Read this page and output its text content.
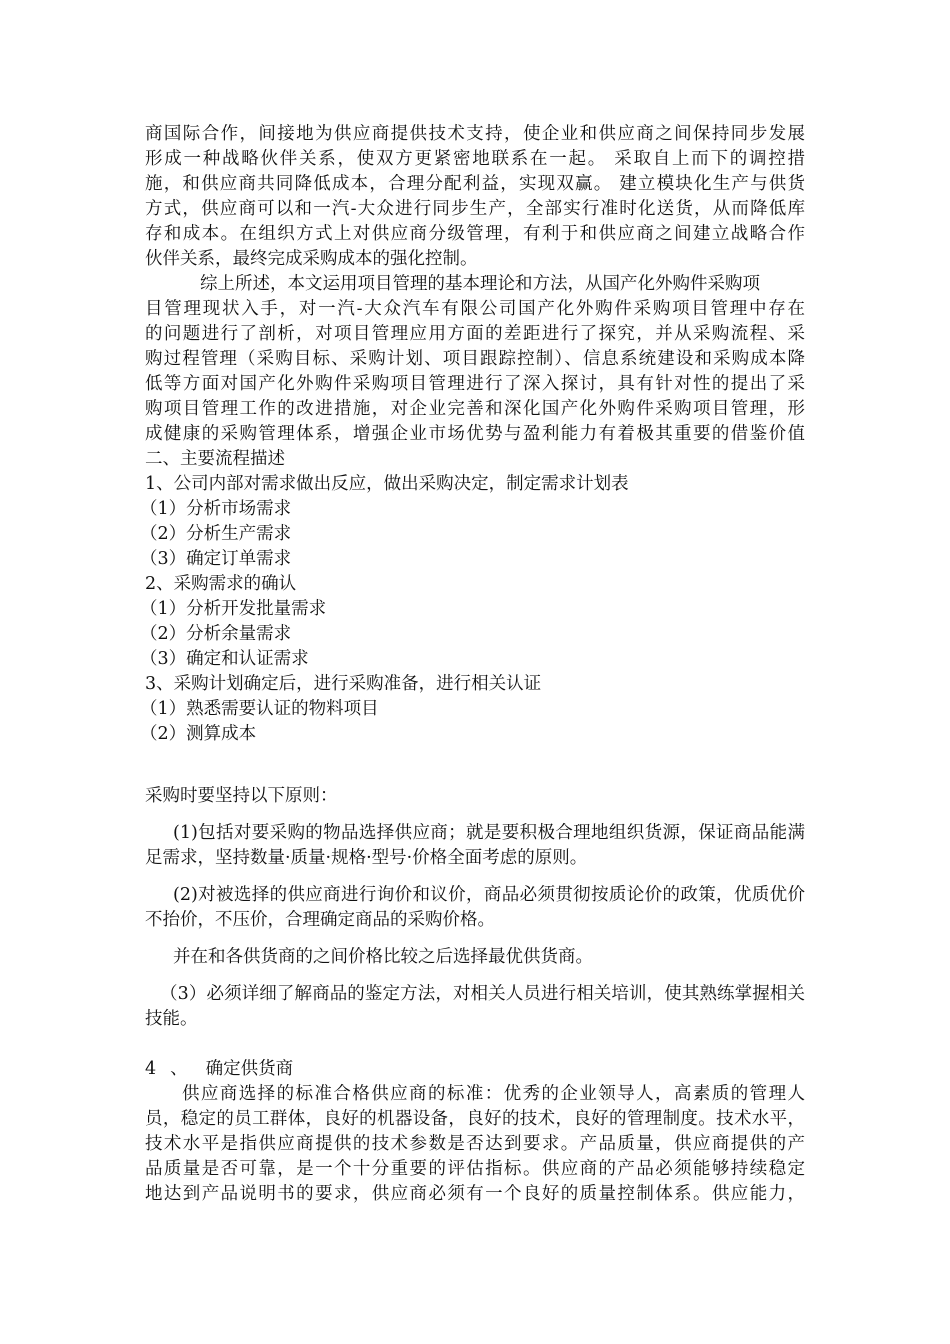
商国际合作，间接地为供应商提供技术支持，使企业和供应商之间保持同步发展
形成一种战略伙伴关系，使双方更紧密地联系在一起。 采取自上而下的调控措
施，和供应商共同降低成本，合理分配利益，实现双赢。 建立模块化生产与供货
方式，供应商可以和一汽-大众进行同步生产，全部实行准时化送货，从而降低库
存和成本。在组织方式上对供应商分级管理，有利于和供应商之间建立战略合作
伙伴关系，最终完成采购成本的强化控制。
综上所述，本文运用项目管理的基本理论和方法，从国产化外购件采购项
目管理现状入手，对一汽-大众汽车有限公司国产化外购件采购项目管理中存在
的问题进行了剖析，对项目管理应用方面的差距进行了探究，并从采购流程、采
购过程管理（采购目标、采购计划、项目跟踪控制）、信息系统建设和采购成本降
低等方面对国产化外购件采购项目管理进行了深入探讨，具有针对性的提出了采
购项目管理工作的改进措施，对企业完善和深化国产化外购件采购项目管理，形
成健康的采购管理体系，增强企业市场优势与盈利能力有着极其重要的借鉴价值
二、主要流程描述
1、公司内部对需求做出反应，做出采购决定，制定需求计划表
（1）分析市场需求
（2）分析生产需求
（3）确定订单需求
2、采购需求的确认
（1）分析开发批量需求
（2）分析余量需求
（3）确定和认证需求
3、采购计划确定后，进行采购准备，进行相关认证
（1）熟悉需要认证的物料项目
（2）测算成本
采购时要坚持以下原则：
(1)包括对要采购的物品选择供应商；就是要积极合理地组织货源，保证商品能满
足需求，坚持数量·质量·规格·型号·价格全面考虑的原则。
(2)对被选择的供应商进行询价和议价，商品必须贯彻按质论价的政策，优质优价
不抬价，不压价，合理确定商品的采购价格。
并在和各供货商的之间价格比较之后选择最优供货商。
（3）必须详细了解商品的鉴定方法，对相关人员进行相关培训，使其熟练掌握相关
技能。
4 、 确定供货商
供应商选择的标准合格供应商的标准：优秀的企业领导人，高素质的管理人
员，稳定的员工群体，良好的机器设备，良好的技术，良好的管理制度。技术水平，
技术水平是指供应商提供的技术参数是否达到要求。产品质量，供应商提供的产
品质量是否可靠，是一个十分重要的评估指标。供应商的产品必须能够持续稳定
地达到产品说明书的要求，供应商必须有一个良好的质量控制体系。供应能力，
